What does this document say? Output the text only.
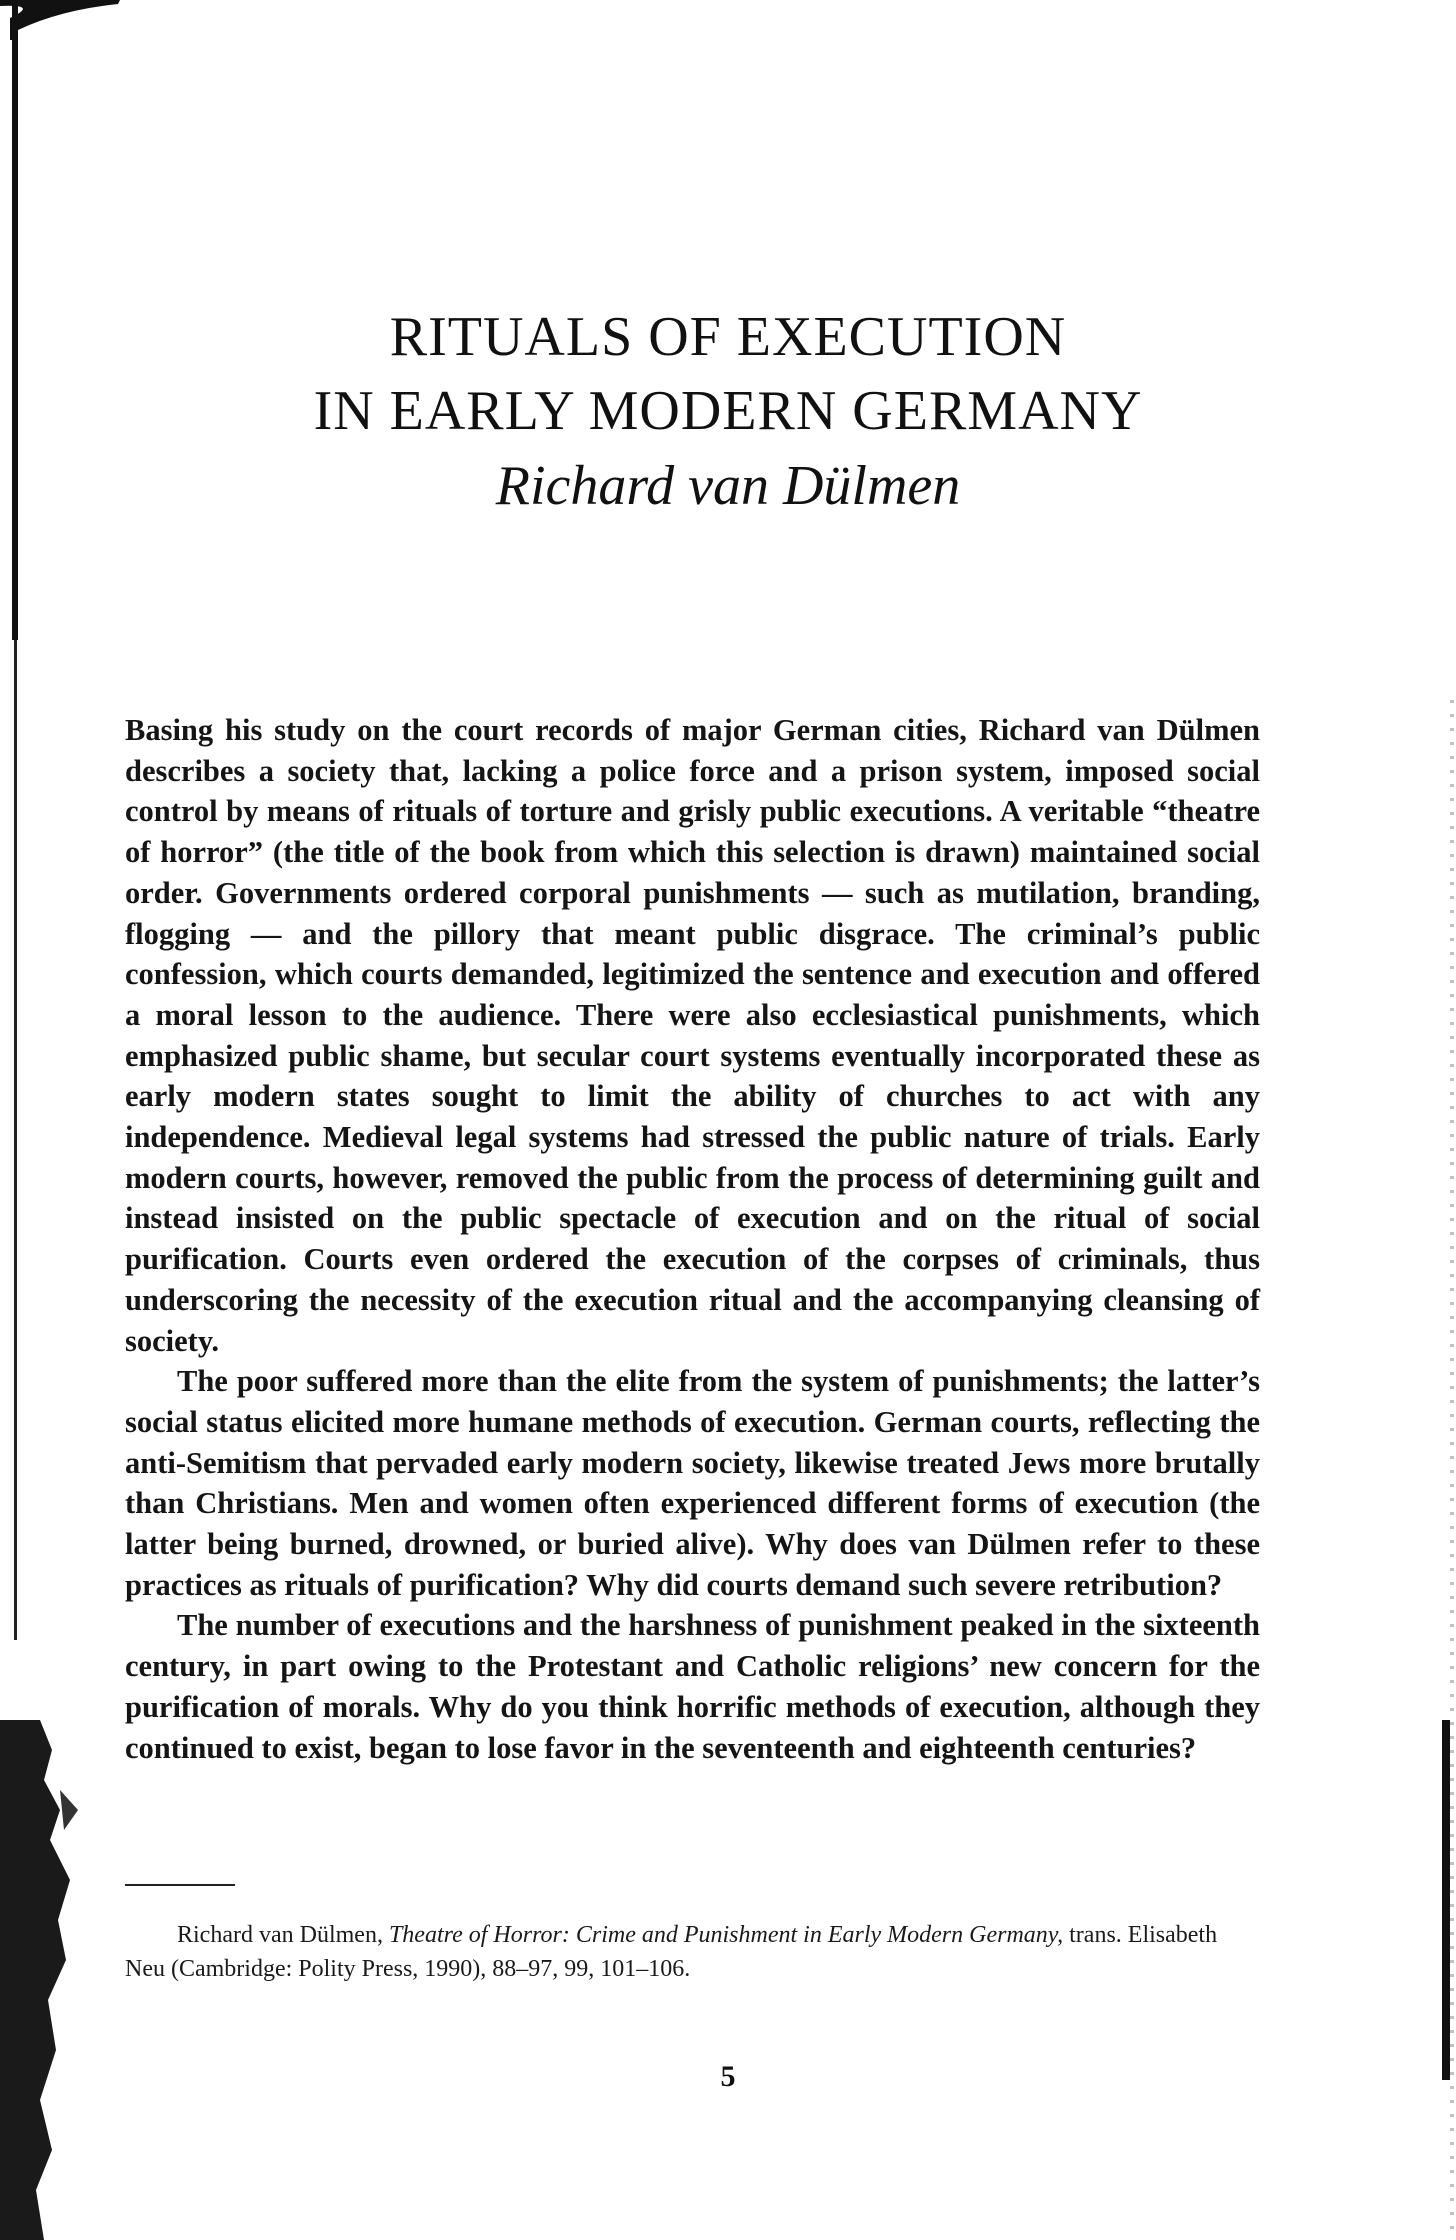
RITUALS OF EXECUTION
IN EARLY MODERN GERMANY

Richard van Dülmen

Basing his study on the court records of major German cities, Richard van Dülmen describes a society that, lacking a police force and a prison system, imposed social control by means of rituals of torture and grisly public executions. A veritable “theatre of horror” (the title of the book from which this selection is drawn) maintained social order. Governments ordered corporal punishments — such as mutilation, branding, flogging — and the pillory that meant public disgrace. The criminal’s public confession, which courts demanded, legitimized the sentence and execution and offered a moral lesson to the audience. There were also ecclesiastical punishments, which emphasized public shame, but secular court systems eventually incorporated these as early modern states sought to limit the ability of churches to act with any independence. Medieval legal systems had stressed the public nature of trials. Early modern courts, however, removed the public from the process of determining guilt and instead insisted on the public spectacle of execution and on the ritual of social purification. Courts even ordered the execution of the corpses of criminals, thus underscoring the necessity of the execution ritual and the accompanying cleansing of society.

The poor suffered more than the elite from the system of punishments; the latter’s social status elicited more humane methods of execution. German courts, reflecting the anti-Semitism that pervaded early modern society, likewise treated Jews more brutally than Christians. Men and women often experienced different forms of execution (the latter being burned, drowned, or buried alive). Why does van Dülmen refer to these practices as rituals of purification? Why did courts demand such severe retribution?

The number of executions and the harshness of punishment peaked in the sixteenth century, in part owing to the Protestant and Catholic religions’ new concern for the purification of morals. Why do you think horrific methods of execution, although they continued to exist, began to lose favor in the seventeenth and eighteenth centuries?

Richard van Dülmen, Theatre of Horror: Crime and Punishment in Early Modern Germany, trans. Elisabeth Neu (Cambridge: Polity Press, 1990), 88–97, 99, 101–106.
5
